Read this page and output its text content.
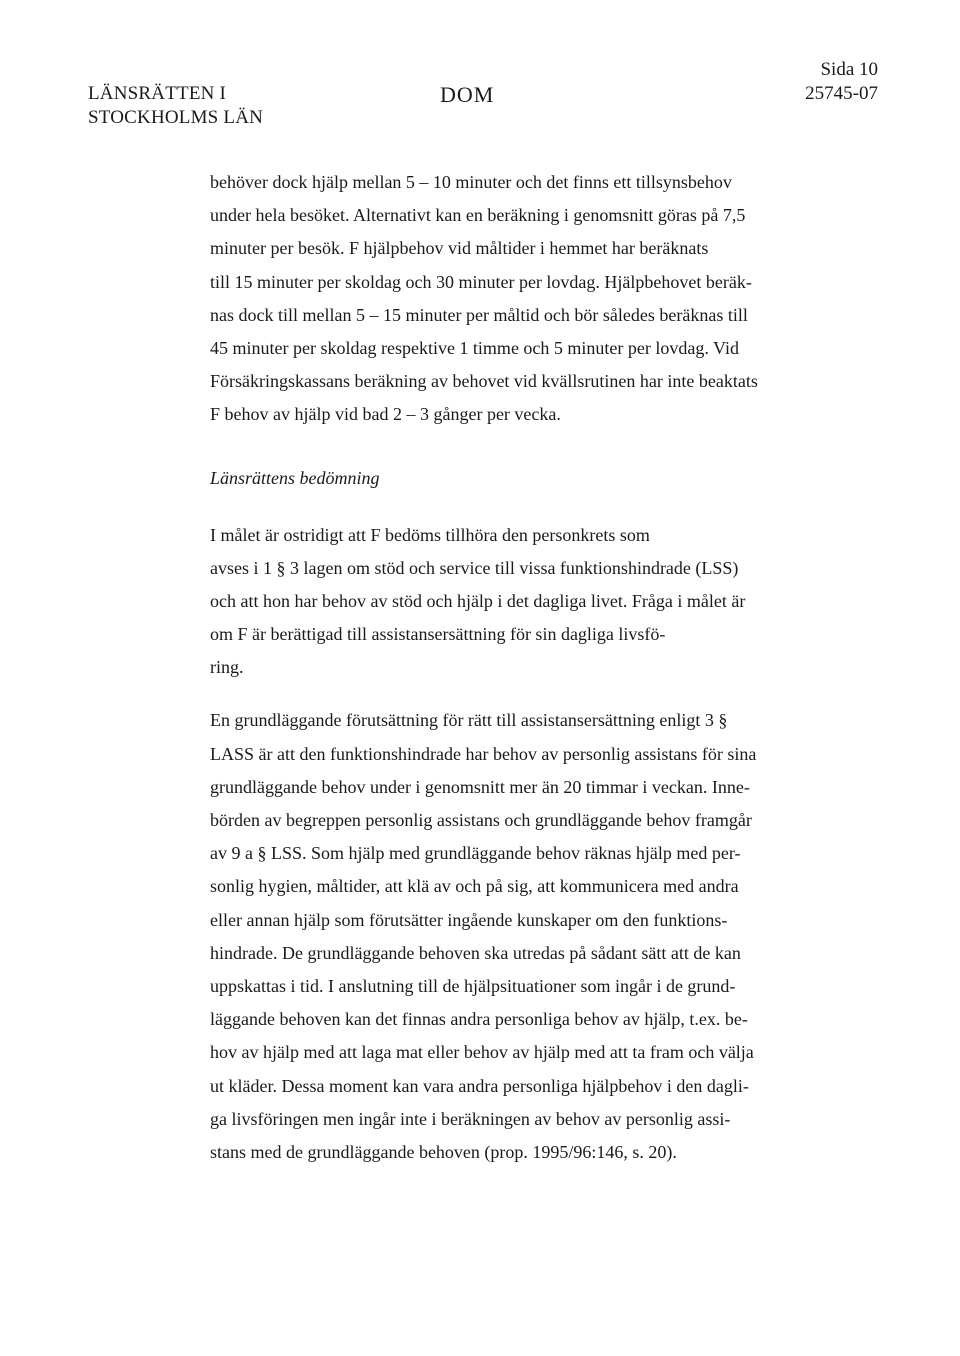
LÄNSRÄTTEN I
STOCKHOLMS LÄN
DOM
Sida 10
25745-07
behöver dock hjälp mellan 5 – 10 minuter och det finns ett tillsynsbehov
under hela besöket. Alternativt kan en beräkning i genomsnitt göras på 7,5
minuter per besök. F hjälpbehov vid måltider i hemmet har beräknats
till 15 minuter per skoldag och 30 minuter per lovdag. Hjälpbehovet beräk-
nas dock till mellan 5 – 15 minuter per måltid och bör således beräknas till
45 minuter per skoldag respektive 1 timme och 5 minuter per lovdag. Vid
Försäkringskassans beräkning av behovet vid kvällsrutinen har inte beaktats
F behov av hjälp vid bad 2 – 3 gånger per vecka.
Länsrättens bedömning
I målet är ostridigt att F bedöms tillhöra den personkrets som
avses i 1 § 3 lagen om stöd och service till vissa funktionshindrade (LSS)
och att hon har behov av stöd och hjälp i det dagliga livet. Fråga i målet är
om F är berättigad till assistansersättning för sin dagliga livsfö-
ring.
En grundläggande förutsättning för rätt till assistansersättning enligt 3 §
LASS är att den funktionshindrade har behov av personlig assistans för sina
grundläggande behov under i genomsnitt mer än 20 timmar i veckan. Inne-
börden av begreppen personlig assistans och grundläggande behov framgår
av 9 a § LSS. Som hjälp med grundläggande behov räknas hjälp med per-
sonlig hygien, måltider, att klä av och på sig, att kommunicera med andra
eller annan hjälp som förutsätter ingående kunskaper om den funktions-
hindrade. De grundläggande behoven ska utredas på sådant sätt att de kan
uppskattas i tid. I anslutning till de hjälpsituationer som ingår i de grund-
läggande behoven kan det finnas andra personliga behov av hjälp, t.ex. be-
hov av hjälp med att laga mat eller behov av hjälp med att ta fram och välja
ut kläder. Dessa moment kan vara andra personliga hjälpbehov i den dagli-
ga livsföringen men ingår inte i beräkningen av behov av personlig assi-
stans med de grundläggande behoven (prop. 1995/96:146, s. 20).
